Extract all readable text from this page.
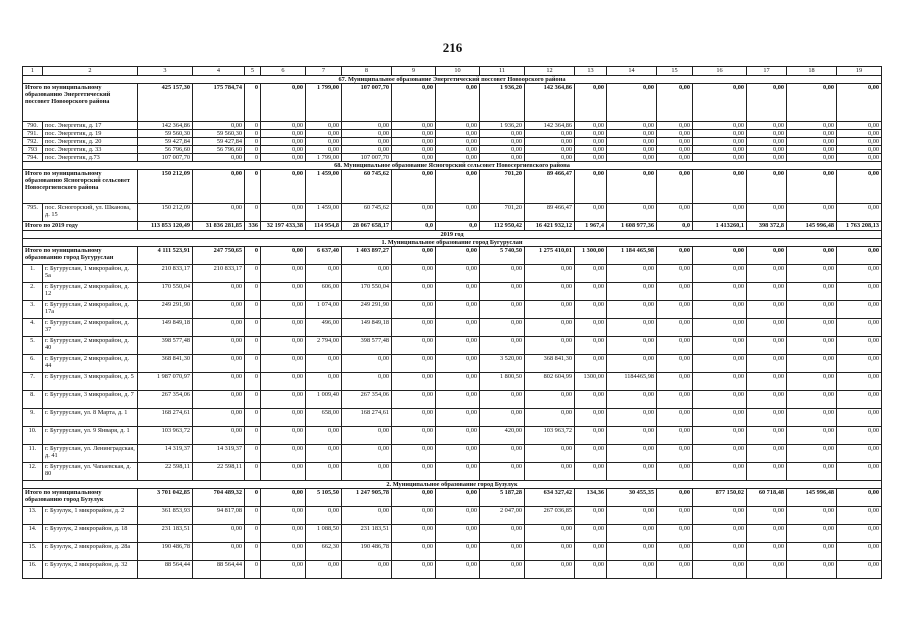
216
1	2	3	4	5	6	7	8	9	10	11	12	13	14	15	16	17	18	19
67. Муниципальное образование Энергетический поссовет Новоорского района																		
Итого по муниципальному образованию Энергетический поссовет Новоорского района		425 157,30	175 784,74	0	0,00	1 799,00	107 007,70	0,00	0,00	1 936,20	142 364,86	0,00	0,00	0,00	0,00	0,00	0,00	0,00
790.	пос. Энергетик, д. 17	142 364,86	0,00	0	0,00	0,00	0,00	0,00	0,00	1 936,20	142 364,86	0,00	0,00	0,00	0,00	0,00	0,00	0,00
791.	пос. Энергетик, д. 19	59 560,30	59 560,30	0	0,00	0,00	0,00	0,00	0,00	0,00	0,00	0,00	0,00	0,00	0,00	0,00	0,00	0,00
792.	пос. Энергетик, д. 20	59 427,84	59 427,84	0	0,00	0,00	0,00	0,00	0,00	0,00	0,00	0,00	0,00	0,00	0,00	0,00	0,00	0,00
793	пос. Энергетик, д. 33	56 796,60	56 796,60	0	0,00	0,00	0,00	0,00	0,00	0,00	0,00	0,00	0,00	0,00	0,00	0,00	0,00	0,00
794.	пос. Энергетик, д.73	107 007,70	0,00	0	0,00	1 799,00	107 007,70	0,00	0,00	0,00	0,00	0,00	0,00	0,00	0,00	0,00	0,00	0,00
68. Муниципальное образование Ясногорский сельсовет Новосергиевского района																		
Итого по муниципальному образованию Ясногорский сельсовет Новосергиевского района		150 212,09	0,00	0	0,00	1 459,00	60 745,62	0,00	0,00	701,20	89 466,47	0,00	0,00	0,00	0,00	0,00	0,00	0,00
795.	пос. Ясногорский, ул. Шканова, д. 15	150 212,09	0,00	0	0,00	1 459,00	60 745,62	0,00	0,00	701,20	89 466,47	0,00	0,00	0,00	0,00	0,00	0,00	0,00
Итого по 2019 году		113 853 120,49	31 836 281,85	336	32 197 433,38	114 954,8	28 067 658,17	0,0	0,0	112 950,42	16 421 932,12	1 967,4	1 608 977,36	0,0	1 413260,1	398 372,8	145 996,48	1 763 208,13
2019 год																		
1. Муниципальное образование город Бугуруслан																		
Итого по муниципальному образованию город Бугуруслан		4 111 523,91	247 750,65	0	0,00	6 637,40	1 403 897,27	0,00	0,00	5 740,50	1 275 410,01	1 300,00	1 184 465,98	0,00	0,00	0,00	0,00	0,00
1.	г. Бугуруслан, 1 микрорайон, д. 5а	210 833,17	210 833,17	0	0,00	0,00	0,00	0,00	0,00	0,00	0,00	0,00	0,00	0,00	0,00	0,00	0,00	0,00
2.	г. Бугуруслан, 2 микрорайон, д. 12	170 550,04	0,00	0	0,00	606,00	170 550,04	0,00	0,00	0,00	0,00	0,00	0,00	0,00	0,00	0,00	0,00	0,00
3.	г. Бугуруслан, 2 микрорайон, д. 17а	249 291,90	0,00	0	0,00	1 074,00	249 291,90	0,00	0,00	0,00	0,00	0,00	0,00	0,00	0,00	0,00	0,00	0,00
4.	г. Бугуруслан, 2 микрорайон, д. 37	149 849,18	0,00	0	0,00	496,00	149 849,18	0,00	0,00	0,00	0,00	0,00	0,00	0,00	0,00	0,00	0,00	0,00
5.	г. Бугуруслан, 2 микрорайон, д. 40	398 577,48	0,00	0	0,00	2 794,00	398 577,48	0,00	0,00	0,00	0,00	0,00	0,00	0,00	0,00	0,00	0,00	0,00
6.	г. Бугуруслан, 2 микрорайон, д. 44	368 841,30	0,00	0	0,00	0,00	0,00	0,00	0,00	3 520,00	368 841,30	0,00	0,00	0,00	0,00	0,00	0,00	0,00
7.	г. Бугуруслан, 3 микрорайон, д. 5	1 987 070,97	0,00	0	0,00	0,00	0,00	0,00	0,00	1 800,50	802 604,99	1300,00	1184465,98	0,00	0,00	0,00	0,00	0,00
8.	г. Бугуруслан, 3 микрорайон, д. 7	267 354,06	0,00	0	0,00	1 009,40	267 354,06	0,00	0,00	0,00	0,00	0,00	0,00	0,00	0,00	0,00	0,00	0,00
9.	г. Бугуруслан, ул. 8 Марта, д. 1	168 274,61	0,00	0	0,00	658,00	168 274,61	0,00	0,00	0,00	0,00	0,00	0,00	0,00	0,00	0,00	0,00	0,00
10.	г. Бугуруслан, ул. 9 Января, д. 1	103 963,72	0,00	0	0,00	0,00	0,00	0,00	0,00	420,00	103 963,72	0,00	0,00	0,00	0,00	0,00	0,00	0,00
11.	г. Бугуруслан, ул. Ленинградская, д. 41	14 319,37	14 319,37	0	0,00	0,00	0,00	0,00	0,00	0,00	0,00	0,00	0,00	0,00	0,00	0,00	0,00	0,00
12.	г. Бугуруслан, ул. Чапаевская, д. 80	22 598,11	22 598,11	0	0,00	0,00	0,00	0,00	0,00	0,00	0,00	0,00	0,00	0,00	0,00	0,00	0,00	0,00
2. Муниципальное образование город Бузулук																		
Итого по муниципальному образованию город Бузулук		3 701 042,85	704 489,32	0	0,00	5 105,50	1 247 905,78	0,00	0,00	5 187,28	634 327,42	134,36	30 455,35	0,00	877 150,02	60 718,48	145 996,48	0,00
13.	г. Бузулук, 1 микрорайон, д. 2	361 853,93	94 817,08	0	0,00	0,00	0,00	0,00	0,00	2 047,00	267 036,85	0,00	0,00	0,00	0,00	0,00	0,00	0,00
14.	г. Бузулук, 2 микрорайон, д. 18	231 183,51	0,00	0	0,00	1 088,50	231 183,51	0,00	0,00	0,00	0,00	0,00	0,00	0,00	0,00	0,00	0,00	0,00
15.	г. Бузулук, 2 микрорайон, д. 28а	190 486,78	0,00	0	0,00	662,30	190 486,78	0,00	0,00	0,00	0,00	0,00	0,00	0,00	0,00	0,00	0,00	0,00
16.	г. Бузулук, 2 микрорайон, д. 32	88 564,44	88 564,44	0	0,00	0,00	0,00	0,00	0,00	0,00	0,00	0,00	0,00	0,00	0,00	0,00	0,00	0,00
